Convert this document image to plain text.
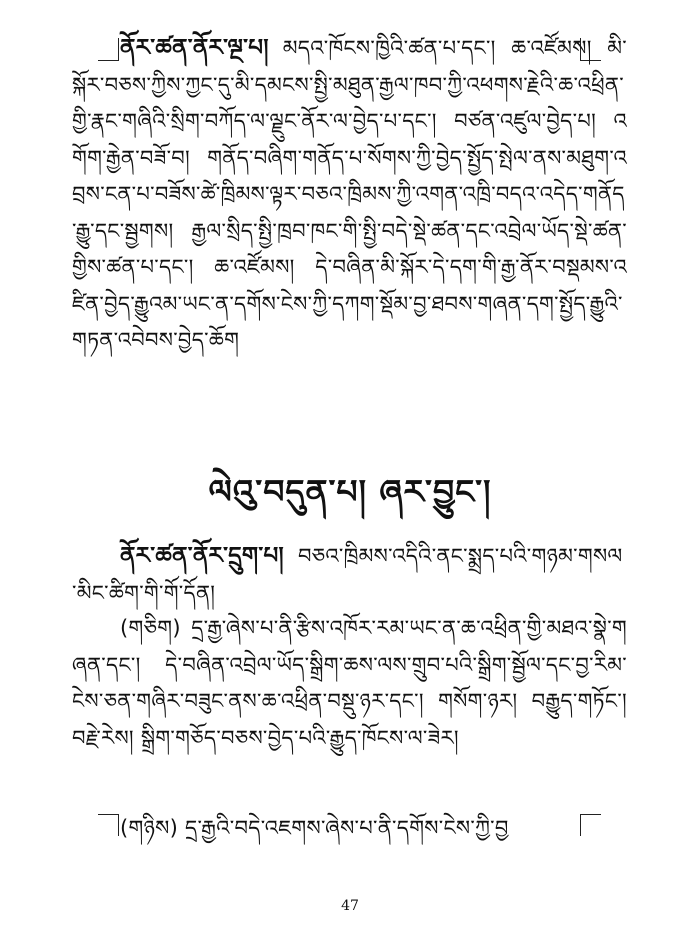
ནོར་ཚན་ནོར་ལྔ་པ། མདའ་ཁོངས་ཁྱིའི་ཚན་པ་དང་། ཆ་འཛོམས། མི་སྐོར་བཅས་ཀྱིས་ཀྱང་དུ་མི་དམངས་སྤྱི་མཐུན་རྒྱལ་ཁབ་ཀྱི་འཕགས་རྗེའི་ཆ་འཕྲིན་གྱི་རྣང་གཞིའི་སྲིག་བཀོད་ལ་ལྗུང་ནོར་ལ་བྱེད་པ་དང་། བཙན་འཛུལ་བྱེད་པ། འགོག་རྒྱེན་བཟོ་བ། གནོད་བཞིག་གནོད་པ་སོགས་ཀྱི་བྱེད་སྤྱོད་སྤེལ་ནས་མཐུག་འབྲས་ངན་པ་བཟོས་ཚེ་ཁྲིམས་ལྟར་བཅའ་ཁྲིམས་ཀྱི་འགན་འཁྲི་བདའ་འདེད་གནོད་རྒྱུ་དང་སྦྱགས། རྒྱལ་སྲིད་སྤྱི་ཁྲབ་ཁང་གི་སྤྱི་བདེ་སྡེ་ཚན་དང་འབྲེལ་ཡོད་སྡེ་ཚན་གྱིས་ཚན་པ་དང་། ཆ་འཛོམས། དེ་བཞིན་མི་སྐོར་དེ་དག་གི་རྒྱ་ནོར་བསྡམས་འཛིན་བྱེད་རྒྱུའམ་ཡང་ན་དགོས་ངེས་ཀྱི་དཀག་སྡོམ་བྱ་ཐབས་གཞན་དག་སྤྱོད་རྒྱུའི་གཏན་འབེབས་བྱེད་ཆོག
ལེའུ་བདུན་པ། ཞར་བྱུང་།
ནོར་ཚན་ནོར་དྲུག་པ། བཅའ་ཁྲིམས་འདིའི་ནང་སྨྲད་པའི་གཉམ་གསལ་མིང་ཚིག་གི་གོ་དོན།
(གཅིག) དྲ་རྒྱ་ཞེས་པ་ནི་རྩིས་འཁོར་རམ་ཡང་ན་ཆ་འཕྲིན་གྱི་མཐའ་སྣེ་གཞན་དང་། དེ་བཞིན་འབྲེལ་ཡོད་སྒྲིག་ཆས་ལས་གྲུབ་པའི་སྒྲིག་སྦྱོལ་དང་བྱ་རིམ་ངེས་ཅན་གཞིར་བཟུང་ནས་ཆ་འཕྲིན་བསྡུ་ཉར་དང་། གསོག་ཉར། བརྒྱུད་གཏོང་། བརྗེ་རེས། སྒྲིག་གཅོད་བཅས་བྱེད་པའི་རྒྱུད་ཁོངས་ལ་ཟེར།
(གཉིས) དྲ་རྒྱའི་བདེ་འཇགས་ཞེས་པ་ནི་དགོས་ངེས་ཀྱི་བྱ
47
